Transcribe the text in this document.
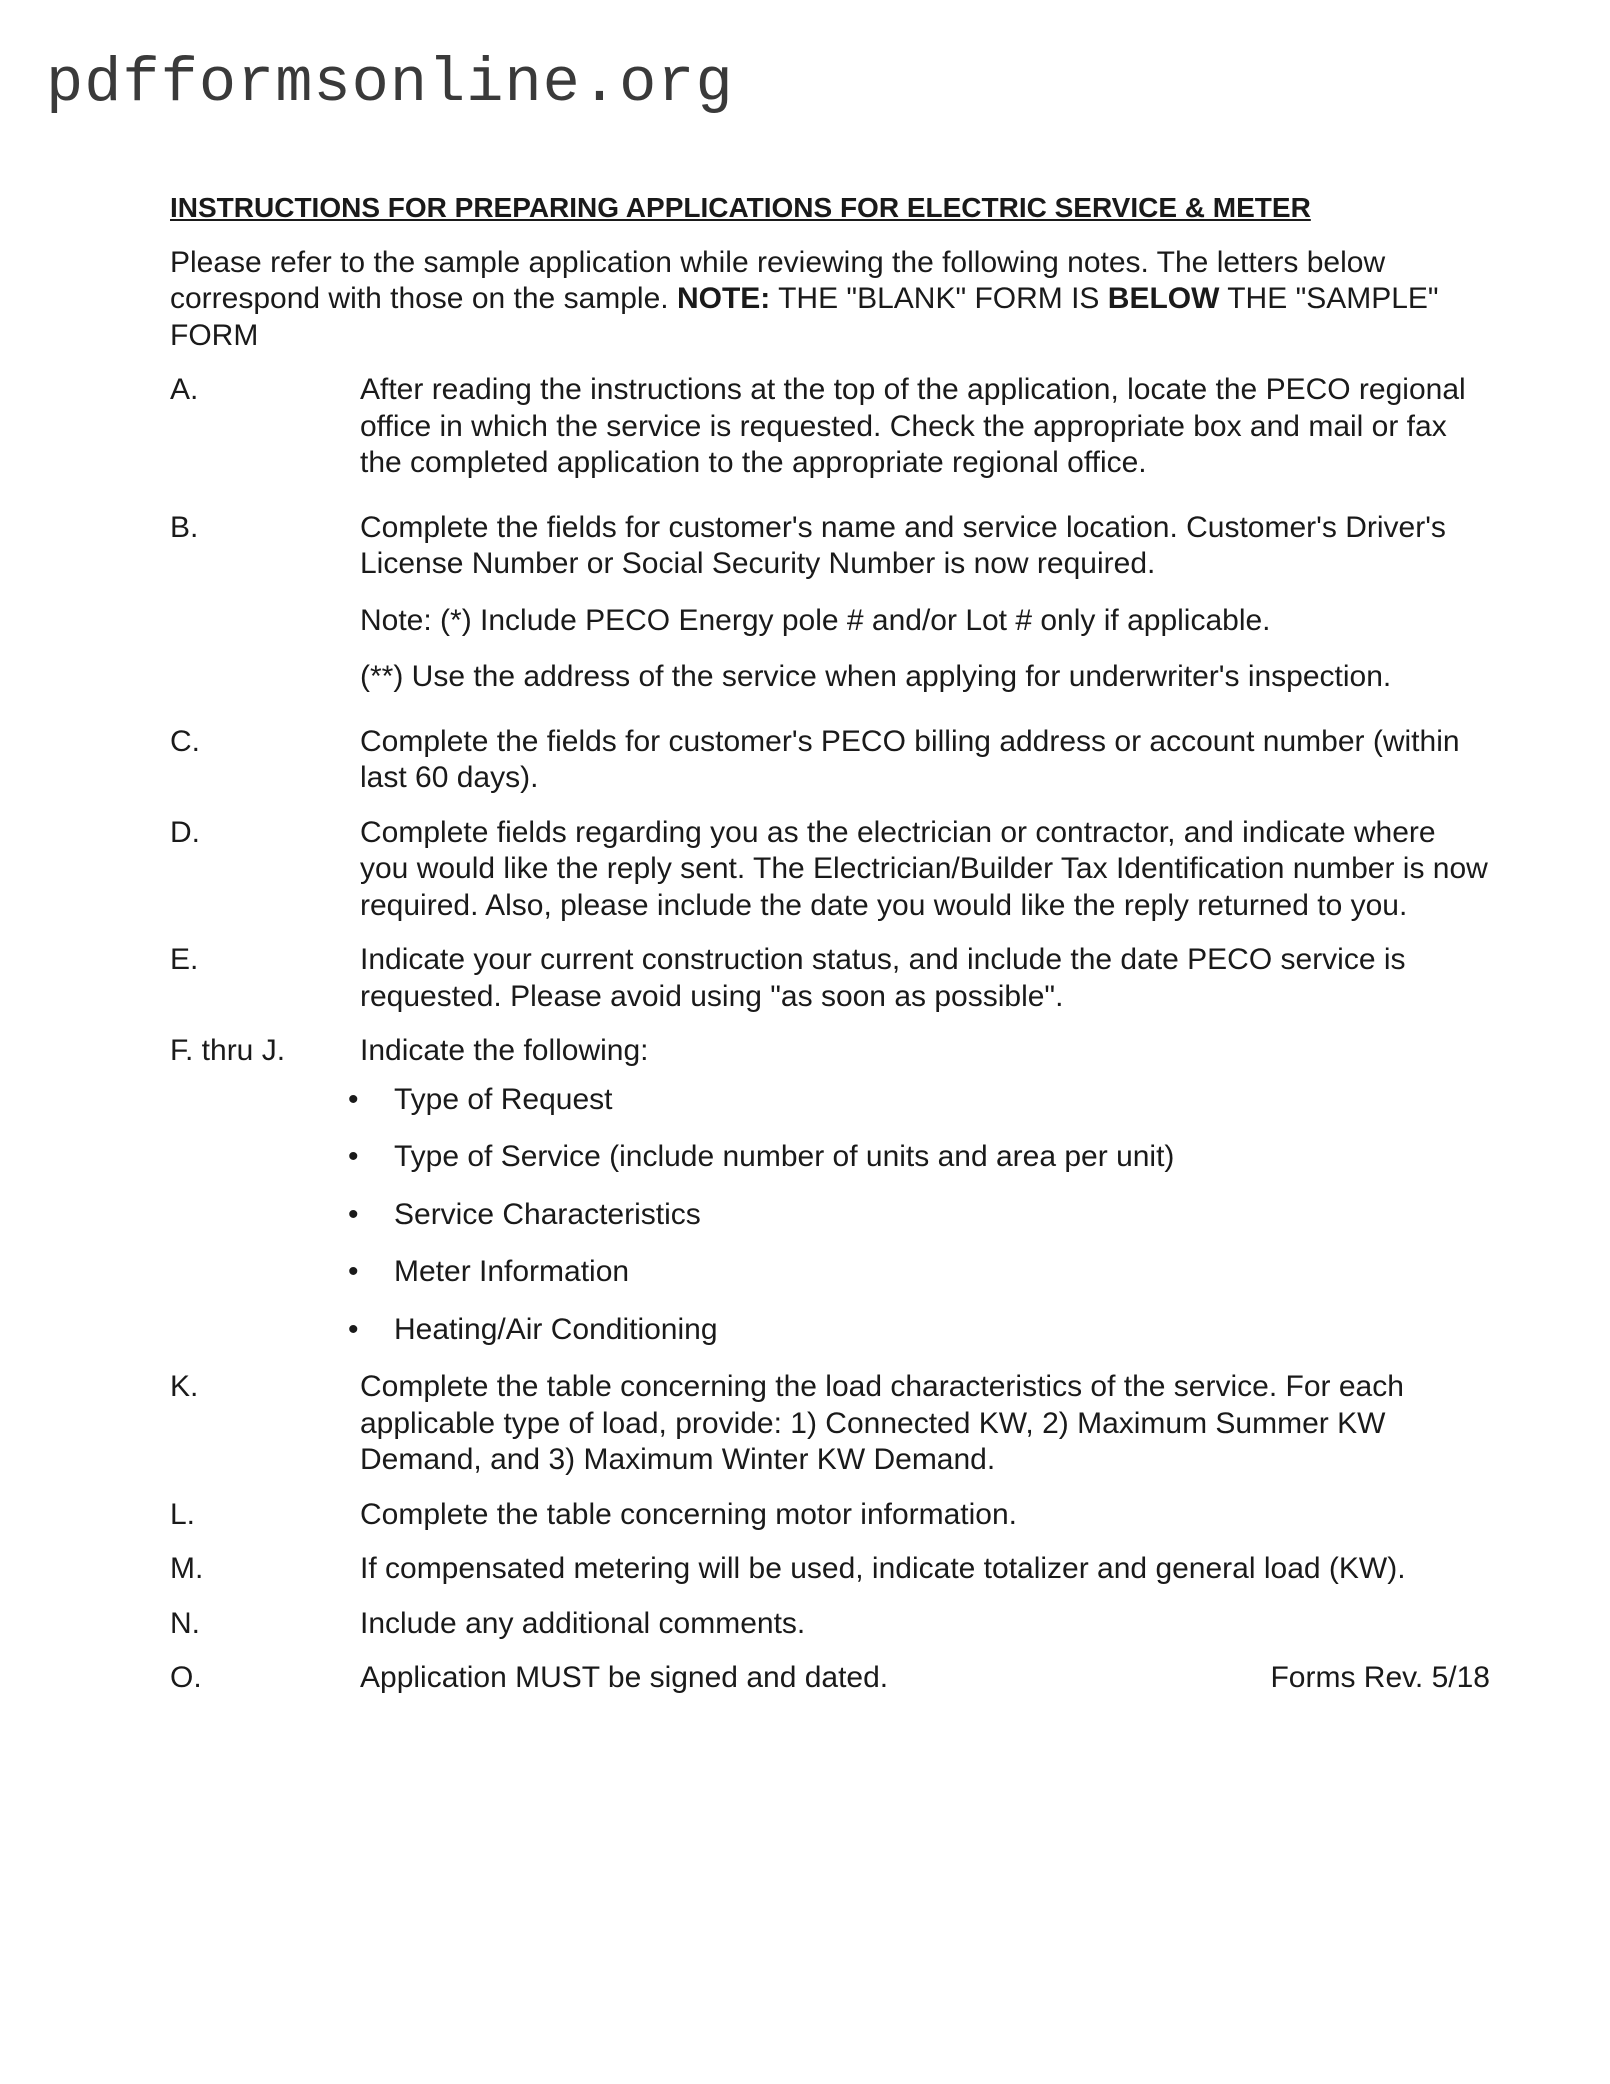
pdfformsonline.org
INSTRUCTIONS FOR PREPARING APPLICATIONS FOR ELECTRIC SERVICE & METER

Please refer to the sample application while reviewing the following notes. The letters below correspond with those on the sample. NOTE: THE "BLANK" FORM IS BELOW THE "SAMPLE" FORM

A.	After reading the instructions at the top of the application, locate the PECO regional office in which the service is requested. Check the appropriate box and mail or fax the completed application to the appropriate regional office.
B.	Complete the fields for customer's name and service location. Customer's Driver's License Number or Social Security Number is now required.
Note: (*) Include PECO Energy pole # and/or Lot # only if applicable.
(**) Use the address of the service when applying for underwriter's inspection.
C.	Complete the fields for customer's PECO billing address or account number (within last 60 days).
D.	Complete fields regarding you as the electrician or contractor, and indicate where you would like the reply sent. The Electrician/Builder Tax Identification number is now required. Also, please include the date you would like the reply returned to you.
E.	Indicate your current construction status, and include the date PECO service is requested. Please avoid using "as soon as possible".
F. thru J.	Indicate the following:
• Type of Request
• Type of Service (include number of units and area per unit)
• Service Characteristics
• Meter Information
• Heating/Air Conditioning
K.	Complete the table concerning the load characteristics of the service. For each applicable type of load, provide: 1) Connected KW, 2) Maximum Summer KW Demand, and 3) Maximum Winter KW Demand.
L.	Complete the table concerning motor information.
M.	If compensated metering will be used, indicate totalizer and general load (KW).
N.	Include any additional comments.
O.	Application MUST be signed and dated.	Forms Rev. 5/18
